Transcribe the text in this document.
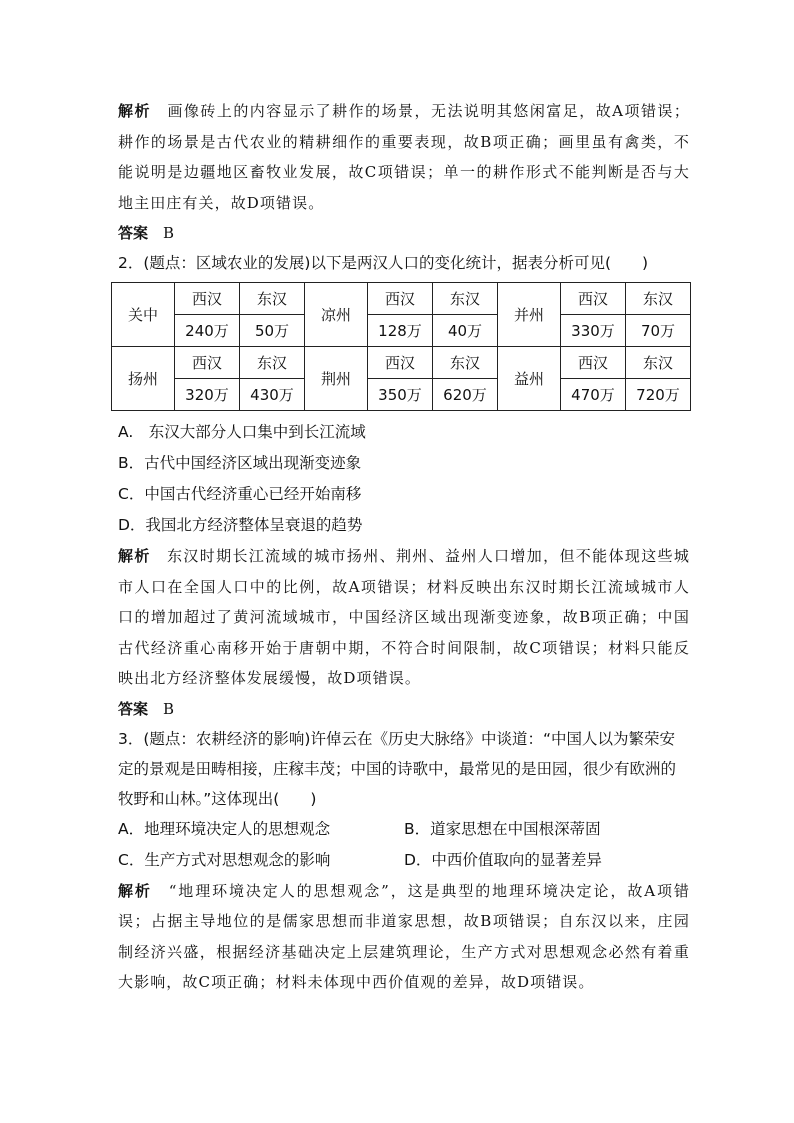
解析　 画像砖上的内容显示了耕作的场景，无法说明其悠闲富足，故A项错误；耕作的场景是古代农业的精耕细作的重要表现，故B项正确；画里虽有禽类，不能说明是边疆地区畜牧业发展，故C项错误；单一的耕作形式不能判断是否与大地主田庄有关，故D项错误。

答案　 B

2．(题点：区域农业的发展)以下是两汉人口的变化统计，据表分析可见(　　)

关中	西汉	东汉	凉州	西汉	东汉	并州	西汉	东汉
	240万	50万		128万	40万		330万	70万
扬州	西汉	东汉	荆州	西汉	东汉	益州	西汉	东汉
	320万	430万		350万	620万		470万	720万

A.　东汉大部分人口集中到长江流域

B．古代中国经济区域出现渐变迹象

C．中国古代经济重心已经开始南移

D．我国北方经济整体呈衰退的趋势

解析　 东汉时期长江流域的城市扬州、荆州、益州人口增加，但不能体现这些城市人口在全国人口中的比例，故A项错误；材料反映出东汉时期长江流域城市人口的增加超过了黄河流域城市，中国经济区域出现渐变迹象，故B项正确；中国古代经济重心南移开始于唐朝中期，不符合时间限制，故C项错误；材料只能反映出北方经济整体发展缓慢，故D项错误。

答案　 B

3．(题点：农耕经济的影响)许倬云在《历史大脉络》中谈道：“中国人以为繁荣安定的景观是田畴相接，庄稼丰茂；中国的诗歌中，最常见的是田园，很少有欧洲的牧野和山林。”这体现出(　　)

A．地理环境决定人的思想观念	B．道家思想在中国根深蒂固

C．生产方式对思想观念的影响	D．中西价值取向的显著差异

解析　 “地理环境决定人的思想观念”，这是典型的地理环境决定论，故A项错误；占据主导地位的是儒家思想而非道家思想，故B项错误；自东汉以来，庄园制经济兴盛，根据经济基础决定上层建筑理论，生产方式对思想观念必然有着重大影响，故C项正确；材料未体现中西价值观的差异，故D项错误。
